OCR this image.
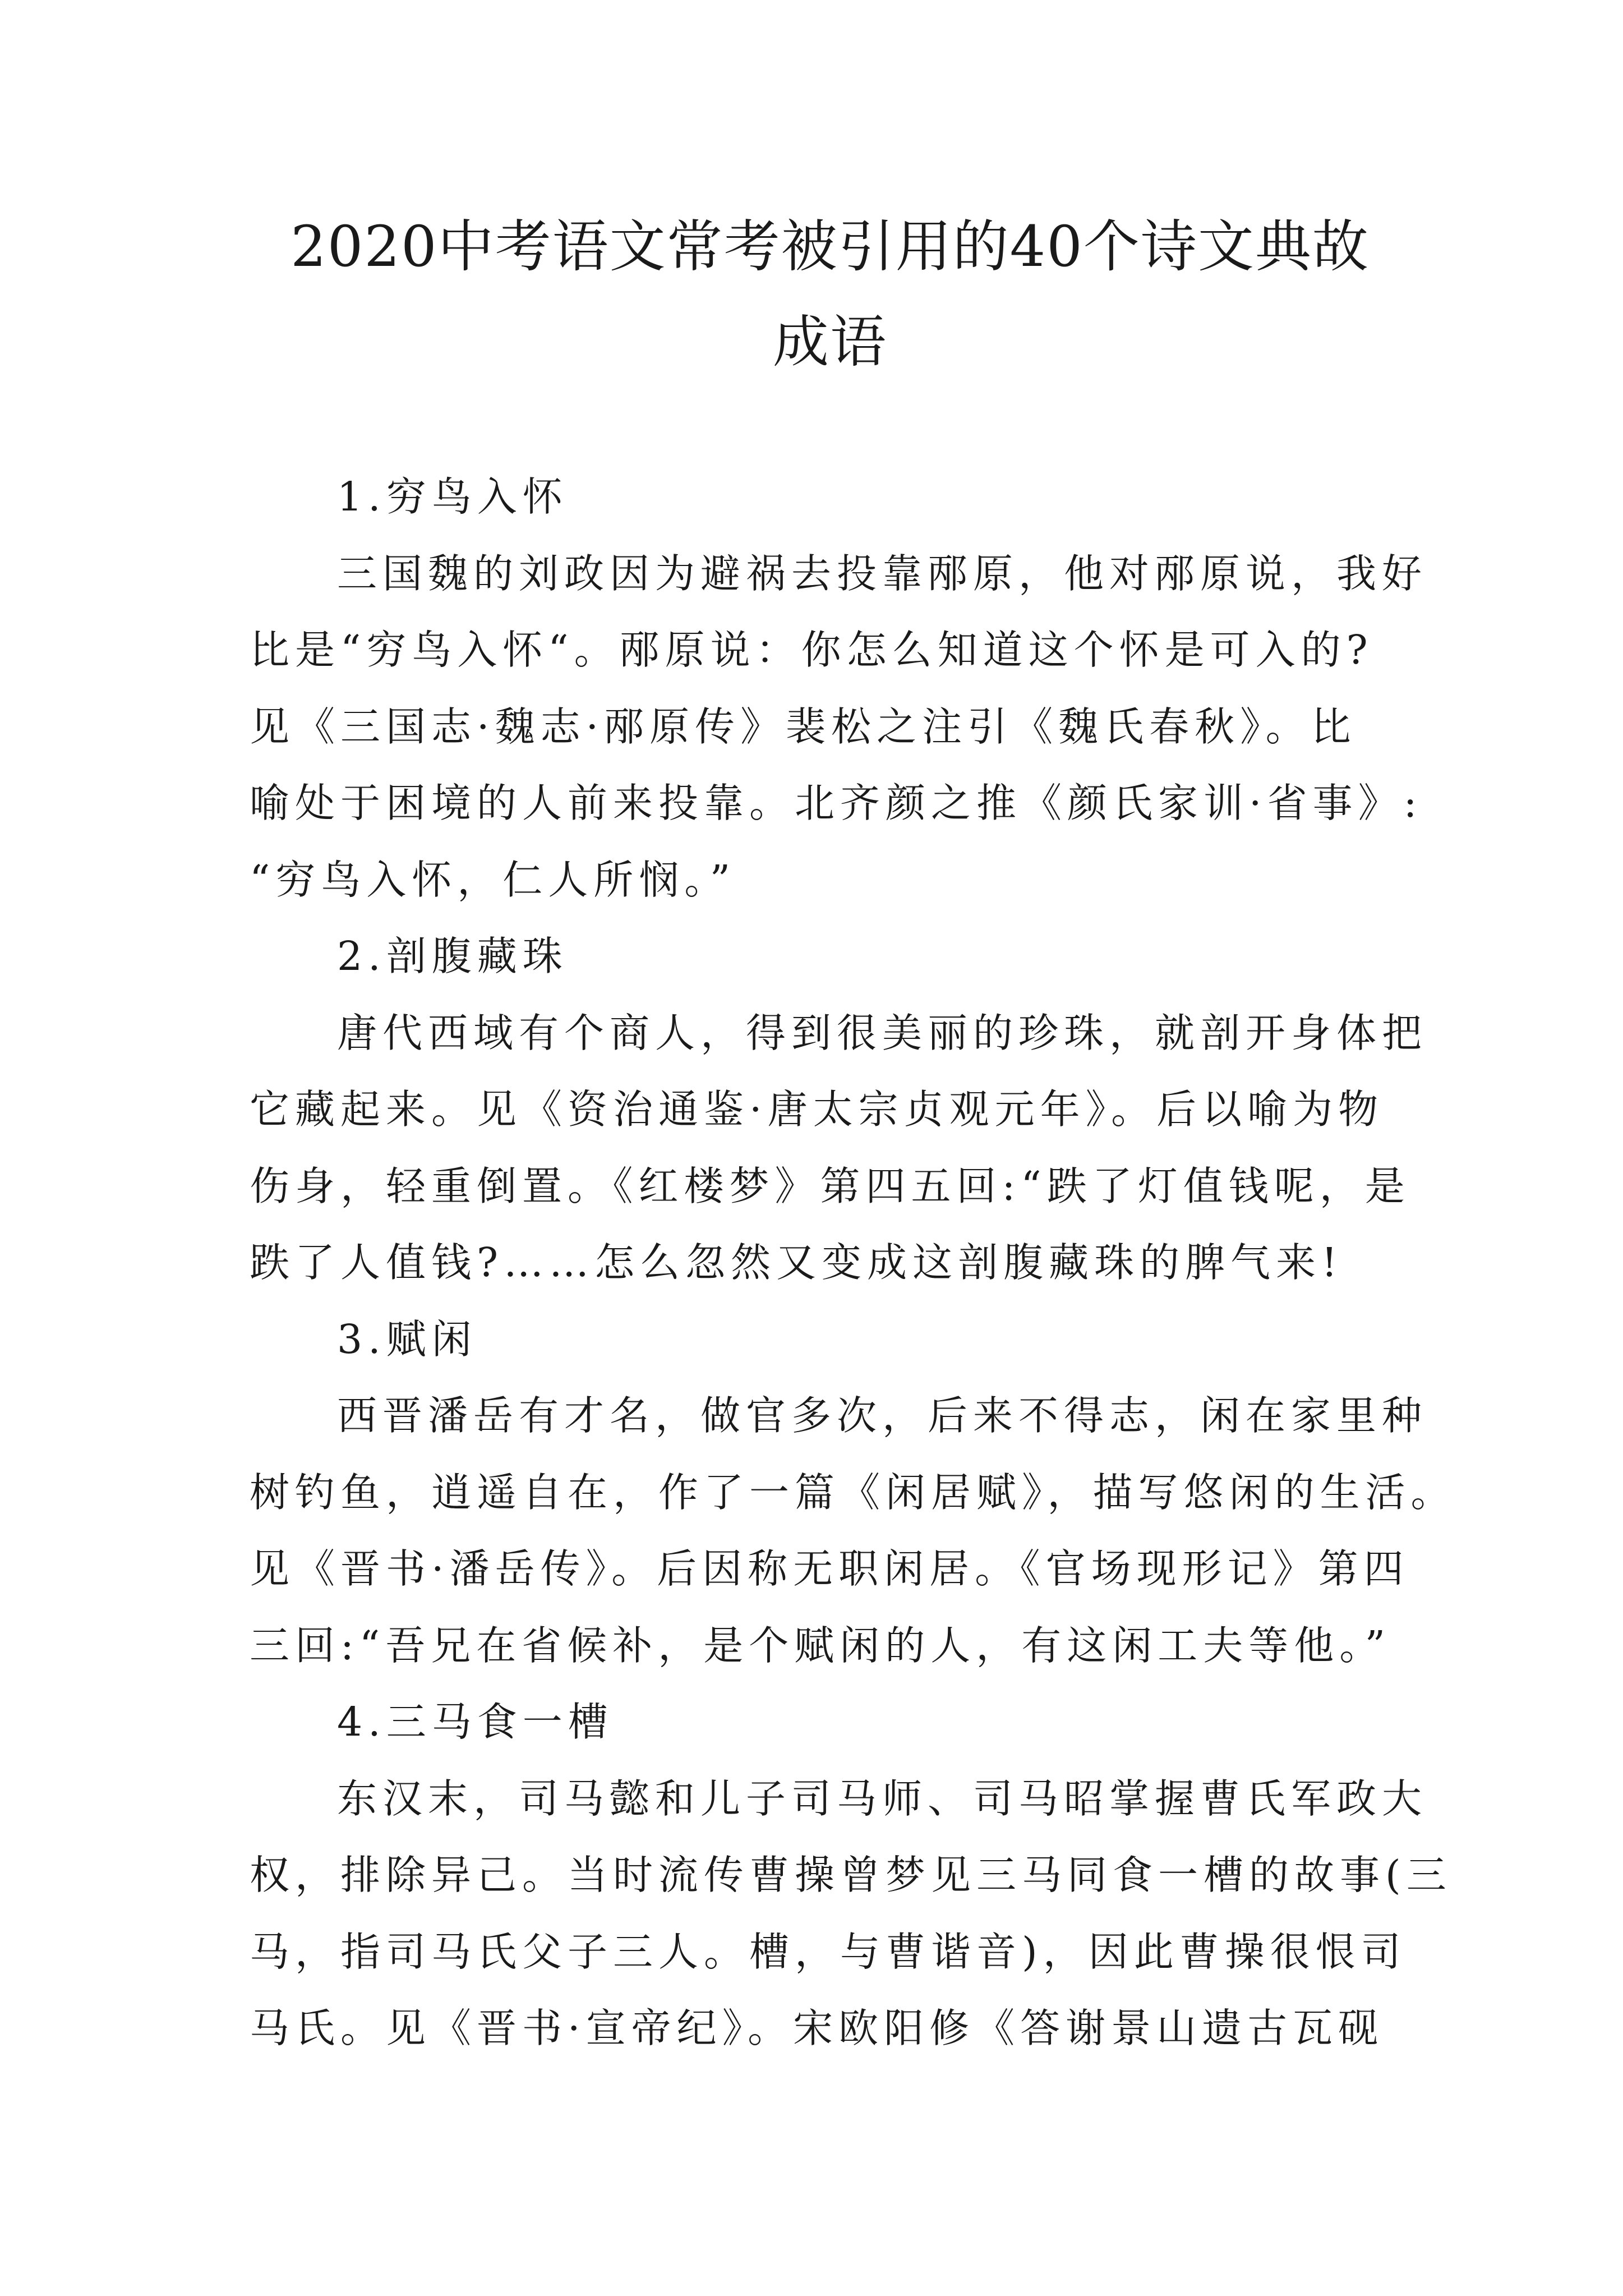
2020中考语文常考被引用的40个诗文典故
成语
1.穷鸟入怀
三国魏的刘政因为避祸去投靠邴原，他对邴原说，我好
比是“穷鸟入怀“。邴原说：你怎么知道这个怀是可入的?
见《三国志·魏志·邴原传》裴松之注引《魏氏春秋》。比
喻处于困境的人前来投靠。北齐颜之推《颜氏家训·省事》:
“穷鸟入怀，仁人所悯。”
2.剖腹藏珠
唐代西域有个商人，得到很美丽的珍珠，就剖开身体把
它藏起来。见《资治通鉴·唐太宗贞观元年》。后以喻为物
伤身，轻重倒置。《红楼梦》第四五回:“跌了灯值钱呢，是
跌了人值钱?……怎么忽然又变成这剖腹藏珠的脾气来!
3.赋闲
西晋潘岳有才名，做官多次，后来不得志，闲在家里种
树钓鱼，逍遥自在，作了一篇《闲居赋》，描写悠闲的生活。
见《晋书·潘岳传》。后因称无职闲居。《官场现形记》第四
三回:“吾兄在省候补，是个赋闲的人，有这闲工夫等他。”
4.三马食一槽
东汉末，司马懿和儿子司马师、司马昭掌握曹氏军政大
权，排除异己。当时流传曹操曾梦见三马同食一槽的故事(三
马，指司马氏父子三人。槽，与曹谐音)，因此曹操很恨司
马氏。见《晋书·宣帝纪》。宋欧阳修《答谢景山遗古瓦砚
